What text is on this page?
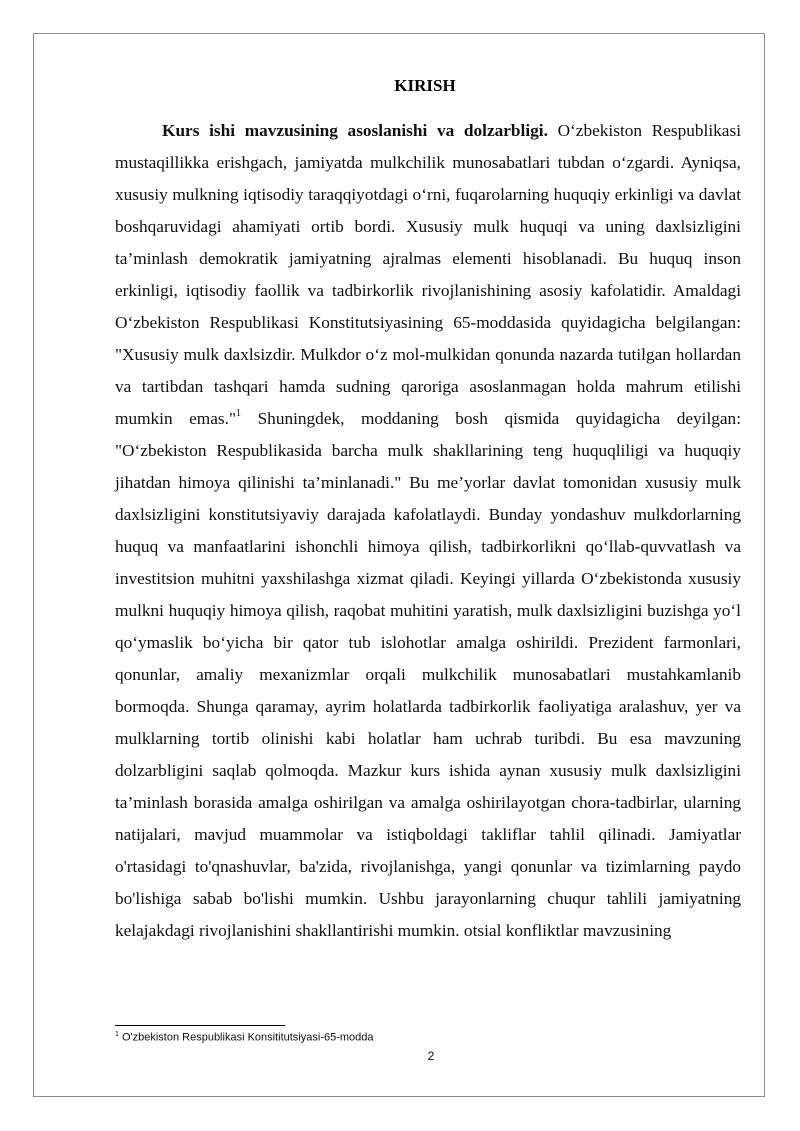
KIRISH

Kurs ishi mavzusining asoslanishi va dolzarbligi. O‘zbekiston Respublikasi mustaqillikka erishgach, jamiyatda mulkchilik munosabatlari tubdan o‘zgardi. Ayniqsa, xususiy mulkning iqtisodiy taraqqiyotdagi o‘rni, fuqarolarning huquqiy erkinligi va davlat boshqaruvidagi ahamiyati ortib bordi. Xususiy mulk huquqi va uning daxlsizligini ta’minlash demokratik jamiyatning ajralmas elementi hisoblanadi. Bu huquq inson erkinligi, iqtisodiy faollik va tadbirkorlik rivojlanishining asosiy kafolatidir. Amaldagi O‘zbekiston Respublikasi Konstitutsiyasining 65-moddasida quyidagicha belgilangan: "Xususiy mulk daxlsizdir. Mulkdor o‘z mol-mulkidan qonunda nazarda tutilgan hollardan va tartibdan tashqari hamda sudning qaroriga asoslanmagan holda mahrum etilishi mumkin emas."$^1$ Shuningdek, moddaning bosh qismida quyidagicha deyilgan: "O‘zbekiston Respublikasida barcha mulk shakllarining teng huquqliligi va huquqiy jihatdan himoya qilinishi ta’minlanadi." Bu me’yorlar davlat tomonidan xususiy mulk daxlsizligini konstitutsiyaviy darajada kafolatlaydi. Bunday yondashuv mulkdorlarning huquq va manfaatlarini ishonchli himoya qilish, tadbirkorlikni qo‘llab-quvvatlash va investitsion muhitni yaxshilashga xizmat qiladi. Keyingi yillarda O‘zbekistonda xususiy mulkni huquqiy himoya qilish, raqobat muhitini yaratish, mulk daxlsizligini buzishga yo‘l qo‘ymaslik bo‘yicha bir qator tub islohotlar amalga oshirildi. Prezident farmonlari, qonunlar, amaliy mexanizmlar orqali mulkchilik munosabatlari mustahkamlanib bormoqda. Shunga qaramay, ayrim holatlarda tadbirkorlik faoliyatiga aralashuv, yer va mulklarning tortib olinishi kabi holatlar ham uchrab turibdi. Bu esa mavzuning dolzarbligini saqlab qolmoqda. Mazkur kurs ishida aynan xususiy mulk daxlsizligini ta’minlash borasida amalga oshirilgan va amalga oshirilayotgan chora-tadbirlar, ularning natijalari, mavjud muammolar va istiqboldagi takliflar tahlil qilinadi. Jamiyatlar o'rtasidagi to'qnashuvlar, ba'zida, rivojlanishga, yangi qonunlar va tizimlarning paydo bo'lishiga sabab bo'lishi mumkin. Ushbu jarayonlarning chuqur tahlili jamiyatning kelajakdagi rivojlanishini shakllantirishi mumkin. otsial konfliktlar mavzusining

$^1$ O'zbekiston Respublikasi Konsititutsiyasi-65-modda
2
